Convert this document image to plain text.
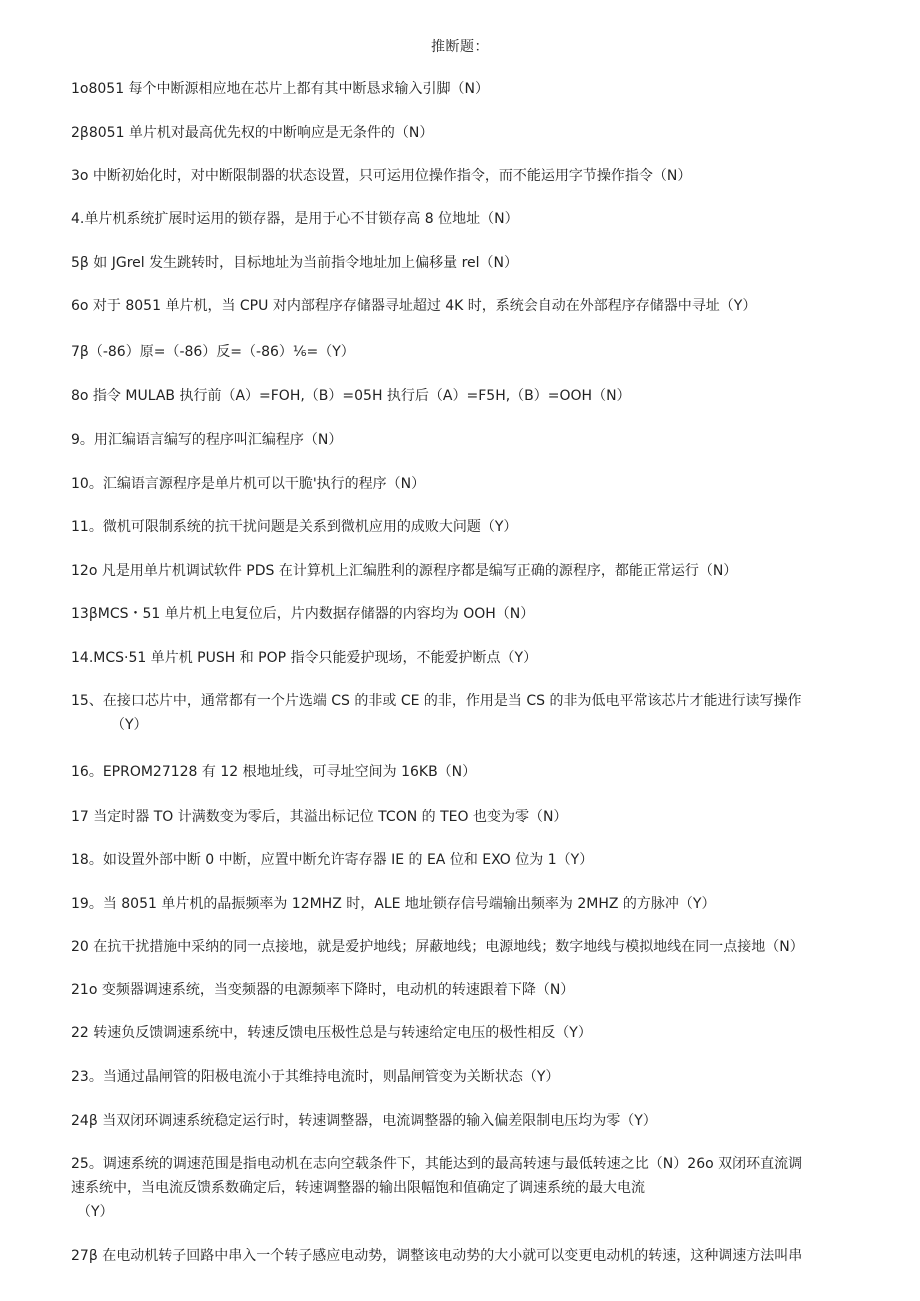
推断题：
1o8051 每个中断源相应地在芯片上都有其中断恳求输入引脚（N）
2β8051 单片机对最高优先权的中断响应是无条件的（N）
3o 中断初始化时，对中断限制器的状态设置，只可运用位操作指令，而不能运用字节操作指令（N）
4.单片机系统扩展时运用的锁存器，是用于心不甘锁存高 8 位地址（N）
5β 如 JGrel 发生跳转时，目标地址为当前指令地址加上偏移量 rel（N）
6o 对于 8051 单片机，当 CPU 对内部程序存储器寻址超过 4K 时，系统会自动在外部程序存储器中寻址（Y）
7β（-86）原=（-86）反=（-86）⅙=（Y）
8o 指令 MULAB 执行前（A）=FOH,（B）=05H 执行后（A）=F5H,（B）=OOH（N）
9。用汇编语言编写的程序叫汇编程序（N）
10。汇编语言源程序是单片机可以干脆'执行的程序（N）
11。微机可限制系统的抗干扰问题是关系到微机应用的成败大问题（Y）
12o 凡是用单片机调试软件 PDS 在计算机上汇编胜利的源程序都是编写正确的源程序，都能正常运行（N）
13βMCS・51 单片机上电复位后，片内数据存储器的内容均为 OOH（N）
14.MCS·51 单片机 PUSH 和 POP 指令只能爱护现场，不能爱护断点（Y）
15、在接口芯片中，通常都有一个片选端 CS 的非或 CE 的非，作用是当 CS 的非为低电平常该芯片才能进行读写操作
（Y）
16。EPROM27128 有 12 根地址线，可寻址空间为 16KB（N）
17 当定时器 TO 计满数变为零后，其溢出标记位 TCON 的 TEO 也变为零（N）
18。如设置外部中断 0 中断，应置中断允许寄存器 IE 的 EA 位和 EXO 位为 1（Y）
19。当 8051 单片机的晶振频率为 12MHZ 时，ALE 地址锁存信号端输出频率为 2MHZ 的方脉冲（Y）
20 在抗干扰措施中采纳的同一点接地，就是爱护地线；屏蔽地线；电源地线；数字地线与模拟地线在同一点接地（N）
21o 变频器调速系统，当变频器的电源频率下降时，电动机的转速跟着下降（N）
22 转速负反馈调速系统中，转速反馈电压极性总是与转速给定电压的极性相反（Y）
23。当通过晶闸管的阳极电流小于其维持电流时，则晶闸管变为关断状态（Y）
24β 当双闭环调速系统稳定运行时，转速调整器，电流调整器的输入偏差限制电压均为零（Y）
25。调速系统的调速范围是指电动机在志向空载条件下，其能达到的最高转速与最低转速之比（N）26o 双闭环直流调
速系统中，当电流反馈系数确定后，转速调整器的输出限幅饱和值确定了调速系统的最大电流
（Y）
27β 在电动机转子回路中串入一个转子感应电动势，调整该电动势的大小就可以变更电动机的转速，这种调速方法叫串
